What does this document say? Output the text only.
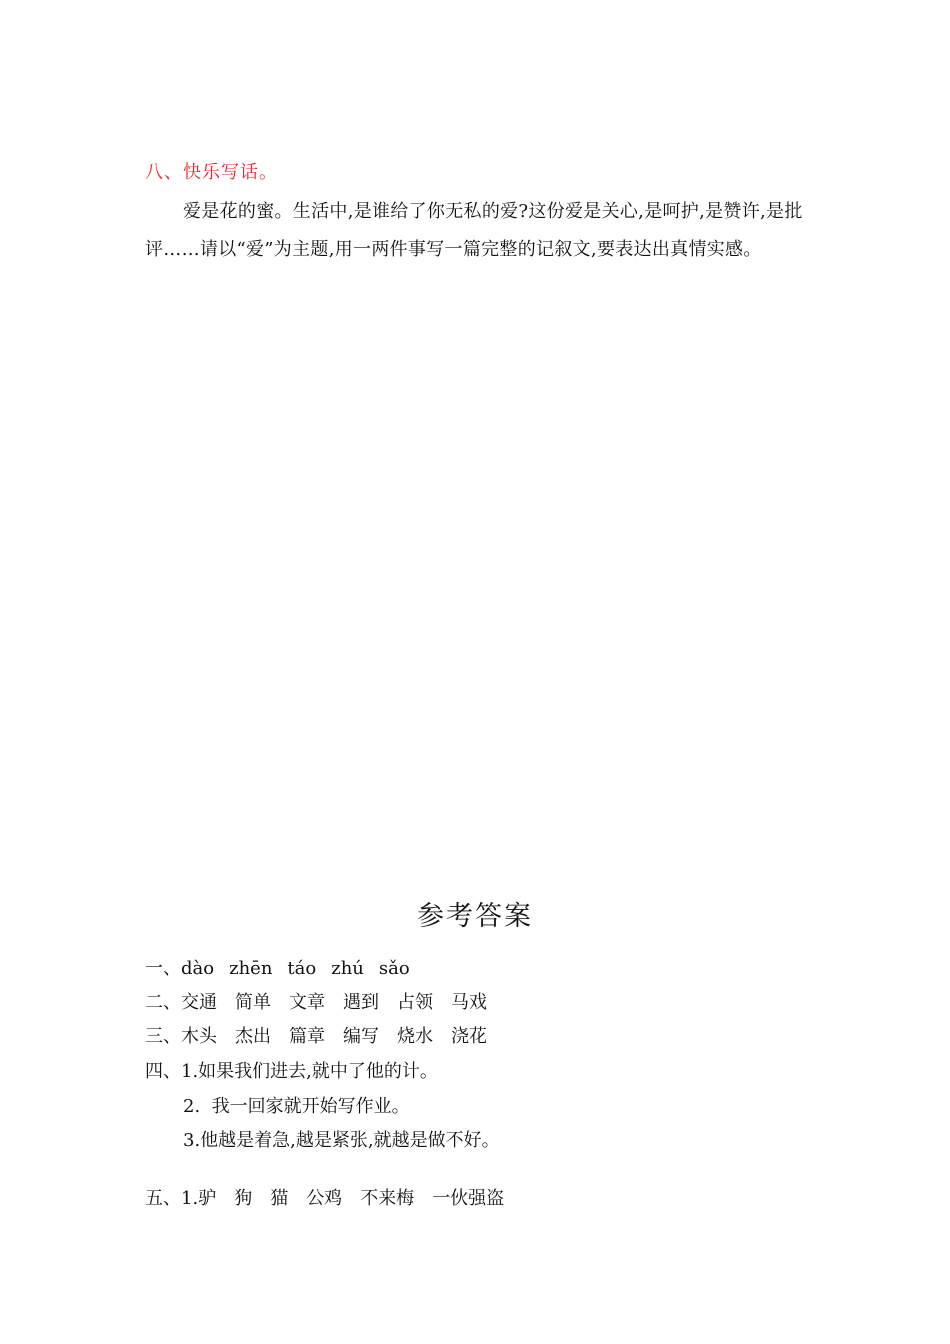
八、快乐写话。
爱是花的蜜。生活中,是谁给了你无私的爱?这份爱是关心,是呵护,是赞许,是批评……请以“爱”为主题,用一两件事写一篇完整的记叙文,要表达出真情实感。
参考答案
一、dào zhēn táo zhú sǎo
二、交通 简单 文章 遇到 占领 马戏
三、木头 杰出 篇章 编写 烧水 浇花
四、1.如果我们进去,就中了他的计。
2.  我一回家就开始写作业。
3.他越是着急,越是紧张,就越是做不好。
五、1.驴 狗 猫 公鸡 不来梅 一伙强盗
